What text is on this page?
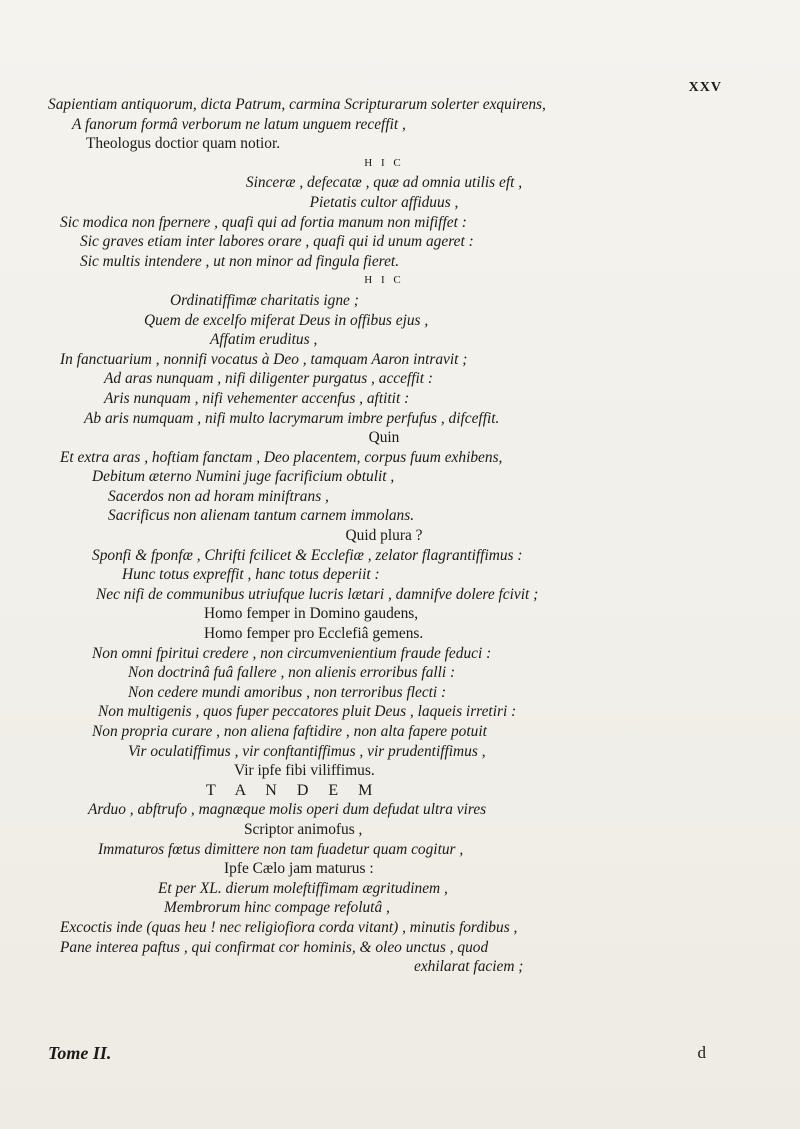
XXV
Sapientiam antiquorum, dicta Patrum, carmina Scripturarum solerter exquirens,
A fanorum formâ verborum ne latum unguem receffit ,
Theologus doctior quam notior.
H I C
Sinceræ , defecatæ , quæ ad omnia utilis eft ,
Pietatis cultor affiduus ,
Sic modica non fpernere , quafi qui ad fortia manum non mififfet :
Sic graves etiam inter labores orare , quafi qui id unum ageret :
Sic multis intendere , ut non minor ad fingula fieret.
H I C
Ordinatiffimæ charitatis igne ;
Quem de excelfo miferat Deus in offibus ejus ,
Affatim eruditus ,
In fanctuarium , nonnifi vocatus à Deo , tamquam Aaron intravit ;
Ad aras nunquam , nifi diligenter purgatus , acceffit :
Aris nunquam , nifi vehementer accenfus , aftitit :
Ab aris numquam , nifi multo lacrymarum imbre perfufus , difceffit.
Quin
Et extra aras , hoftiam fanctam , Deo placentem, corpus fuum exhibens,
Debitum æterno Numini juge facrificium obtulit ,
Sacerdos non ad horam miniftrans ,
Sacrificus non alienam tantum carnem immolans.
Quid plura ?
Sponfi & fponfæ , Chrifti fcilicet & Ecclefiæ , zelator flagrantiffimus :
Hunc totus expreffit , hanc totus deperiit :
Nec nifi de communibus utriufque lucris lætari , damnifve dolere fcivit ;
Homo femper in Domino gaudens,
Homo femper pro Ecclefiâ gemens.
Non omni fpiritui credere , non circumvenientium fraude feduci :
Non doctrinâ fuâ fallere , non alienis erroribus falli :
Non cedere mundi amoribus , non terroribus flecti :
Non multigenis , quos fuper peccatores pluit Deus , laqueis irretiri :
Non propria curare , non aliena faftidire , non alta fapere potuit
Vir oculatiffimus , vir conftantiffimus , vir prudentiffimus ,
Vir ipfe fibi viliffimus.
T A N D E M
Arduo , abftrufo , magnæque molis operi dum defudat ultra vires
Scriptor animofus ,
Immaturos fœtus dimittere non tam fuadetur quam cogitur ,
Ipfe Cælo jam maturus :
Et per XL. dierum moleftiffimam ægritudinem ,
Membrorum hinc compage refolutâ ,
Excoctis inde (quas heu ! nec religiofiora corda vitant) , minutis fordibus ,
Pane interea paftus , qui confirmat cor hominis, & oleo unctus , quod
exhilarat faciem ;
Tome II.	d
